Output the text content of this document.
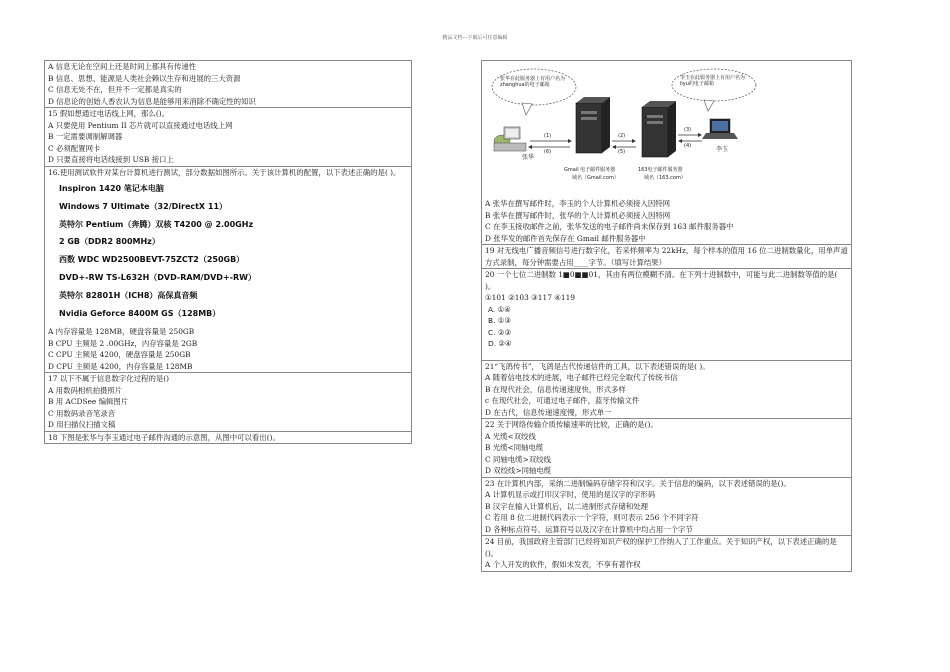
精品文档---下载后可任意编辑
A 信息无论在空间上还是时间上都具有传递性
B 信息、思想、能源是人类社会赖以生存和进展的三大资源
C 信息无处不在，但并不一定都是真实的
D 信息论的创始人香农认为信息是能够用来消除不确定性的知识
15 假如想通过电话线上网，那么()。
A 只要使用 Pentium II 芯片就可以直接通过电话线上网
B 一定需要调制解调器
C 必须配置网卡
D 只要直接将电话线接到 USB 接口上
16.使用测试软件对某台计算机进行测试，部分数据如图所示。关于该计算机的配置，以下表述正确的是( )。
Inspiron 1420 笔记本电脑
Windows 7 Ultimate（32/DirectX 11）
英特尔 Pentium（奔腾）双核 T4200 @ 2.00GHz
2 GB（DDR2 800MHz）
西数 WDC WD2500BEVT-75ZCT2（250GB）
DVD+-RW TS-L632H（DVD-RAM/DVD+-RW）
英特尔 82801H（ICH8）高保真音频
Nvidia Geforce 8400M GS（128MB）
A 内存容量是 128MB，硬盘容量是 250GB
B CPU 主频是 2 .00GHz，内存容量是 2GB
C CPU 主频是 4200，硬盘容量是 250GB
D CPU 主频是 4200，内存容量是 128MB
17 以下不属于信息数字化过程的是()
A 用数码相机拍摄照片
B 用 ACDSee 编辑图片
C 用数码录音笔录音
D 用扫描仪扫描文稿
18 下图是张华与李玉通过电子邮件沟通的示意图，从图中可以看出()。
张华在此服务器上有用户名为zhanghua的电子邮箱
李玉在此服务器上有用户名为liyu的电子邮箱
(1)
(6)
(2)
(5)
(3)
(4)
张华
李玉
Gmail 电子邮件服务器
域名（Gmail.com）
163电子邮件服务器
域名（163.com）
A 张华在撰写邮件时，李玉的个人计算机必须接入因特网
B 张华在撰写邮件时，张华的个人计算机必须接入因特网
C 在李玉接收邮件之前，张华发送的电子邮件尚未保存到 163 邮件服务器中
D 张华发的邮件首先保存在 Gmail 邮件服务器中
19 对无线电广播音频信号进行数字化，若采样频率为 22kHz，每个样本的值用 16 位二进制数量化，用单声道方式录制，每分钟需要占用____字节。（填写计算结果）
20 一个七位二进制数 1■0■■01，其由有两位模糊不清。在下列十进制数中，可能与此二进制数等值的是( )。
①101 ②103 ③117 ④119
A. ①④
B. ①③
C. ②③
D. ②④
21“飞鸽传书”，飞鸽是古代传递信件的工具，以下表述错误的是( )。
A 随着信电技术的进展，电子邮件已经完全取代了传统书信
B 在现代社会，信息传递速度快，形式多样
c 在现代社会，可通过电子邮件，蓝牙传输文件
D 在古代，信息传递速度慢，形式单一
22 关于网络传输介质传输速率的比较，正确的是()。
A 光缆<双绞线
B 光缆<同轴电缆
C 同轴电缆>双绞线
D 双绞线>同轴电缆
23 在计算机内部，采纳二进制编码存储字符和汉字。关于信息的编码，以下表述错误的是()。
A 计算机显示或打印汉字时，使用的是汉字的字形码
B 汉字在输入计算机后，以二进制形式存储和处理
C 若用 8 位二进制代码表示一个字符，则可表示 256 个不同字符
D 各种标点符号、运算符号以及汉字在计算机中均占用一个字节
24 目前，我国政府主管部门已经将知识产权的保护工作纳入了工作重点。关于知识产权，以下表述正确的是()。
A 个人开发的软件，假如未发表，不享有著作权
